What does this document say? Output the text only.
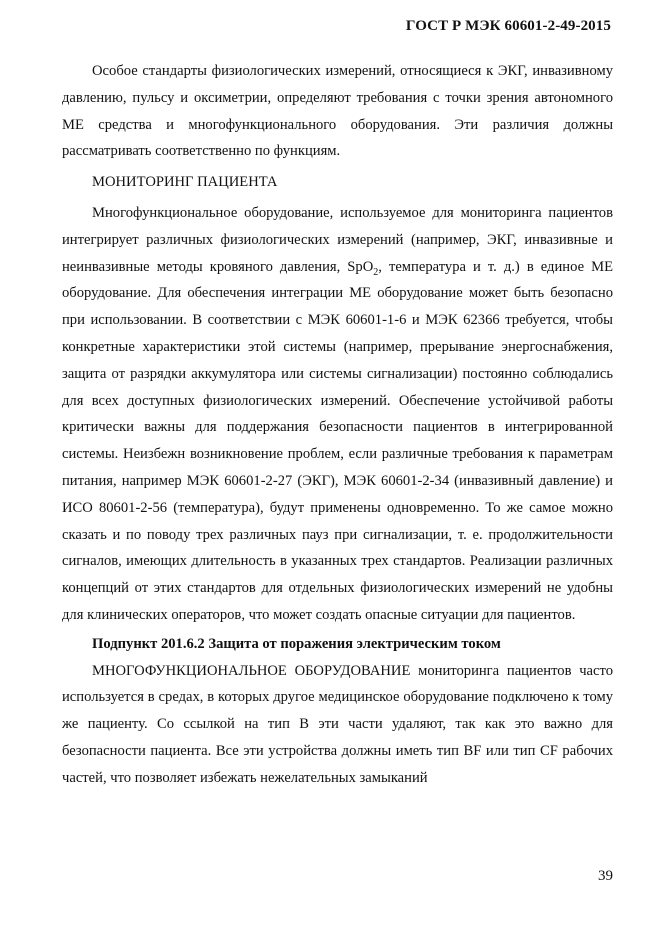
ГОСТ Р МЭК 60601-2-49-2015

Особое стандарты физиологических измерений, относящиеся к ЭКГ, инвазивному давлению, пульсу и оксиметрии, определяют требования с точки зрения автономного МЕ средства и многофункционального оборудования. Эти различия должны рассматривать соответственно по функциям.

МОНИТОРИНГ ПАЦИЕНТА

Многофункциональное оборудование, используемое для мониторинга пациентов интегрирует различных физиологических измерений (например, ЭКГ, инвазивные и неинвазивные методы кровяного давления, SpO$_2$, температура и т. д.) в единое МЕ оборудование. Для обеспечения интеграции МЕ оборудование может быть безопасно при использовании. В соответствии с МЭК 60601-1-6 и МЭК 62366 требуется, чтобы конкретные характеристики этой системы (например, прерывание энергоснабжения, защита от разрядки аккумулятора или системы сигнализации) постоянно соблюдались для всех доступных физиологических измерений. Обеспечение устойчивой работы критически важны для поддержания безопасности пациентов в интегрированной системы. Неизбежн возникновение проблем, если различные требования к параметрам питания, например МЭК 60601-2-27 (ЭКГ), МЭК 60601-2-34 (инвазивный давление) и ИСО 80601-2-56 (температура), будут применены одновременно. То же самое можно сказать и по поводу трех различных пауз при сигнализации, т. е. продолжительности сигналов, имеющих длительность в указанных трех стандартов. Реализации различных концепций от этих стандартов для отдельных физиологических измерений не удобны для клинических операторов, что может создать опасные ситуации для пациентов.

Подпункт 201.6.2 Защита от поражения электрическим током

МНОГОФУНКЦИОНАЛЬНОЕ ОБОРУДОВАНИЕ мониторинга пациентов часто используется в средах, в которых другое медицинское оборудование подключено к тому же пациенту. Со ссылкой на тип В эти части удаляют, так как это важно для безопасности пациента. Все эти устройства должны иметь тип BF или тип CF рабочих частей, что позволяет избежать нежелательных замыканий

39
